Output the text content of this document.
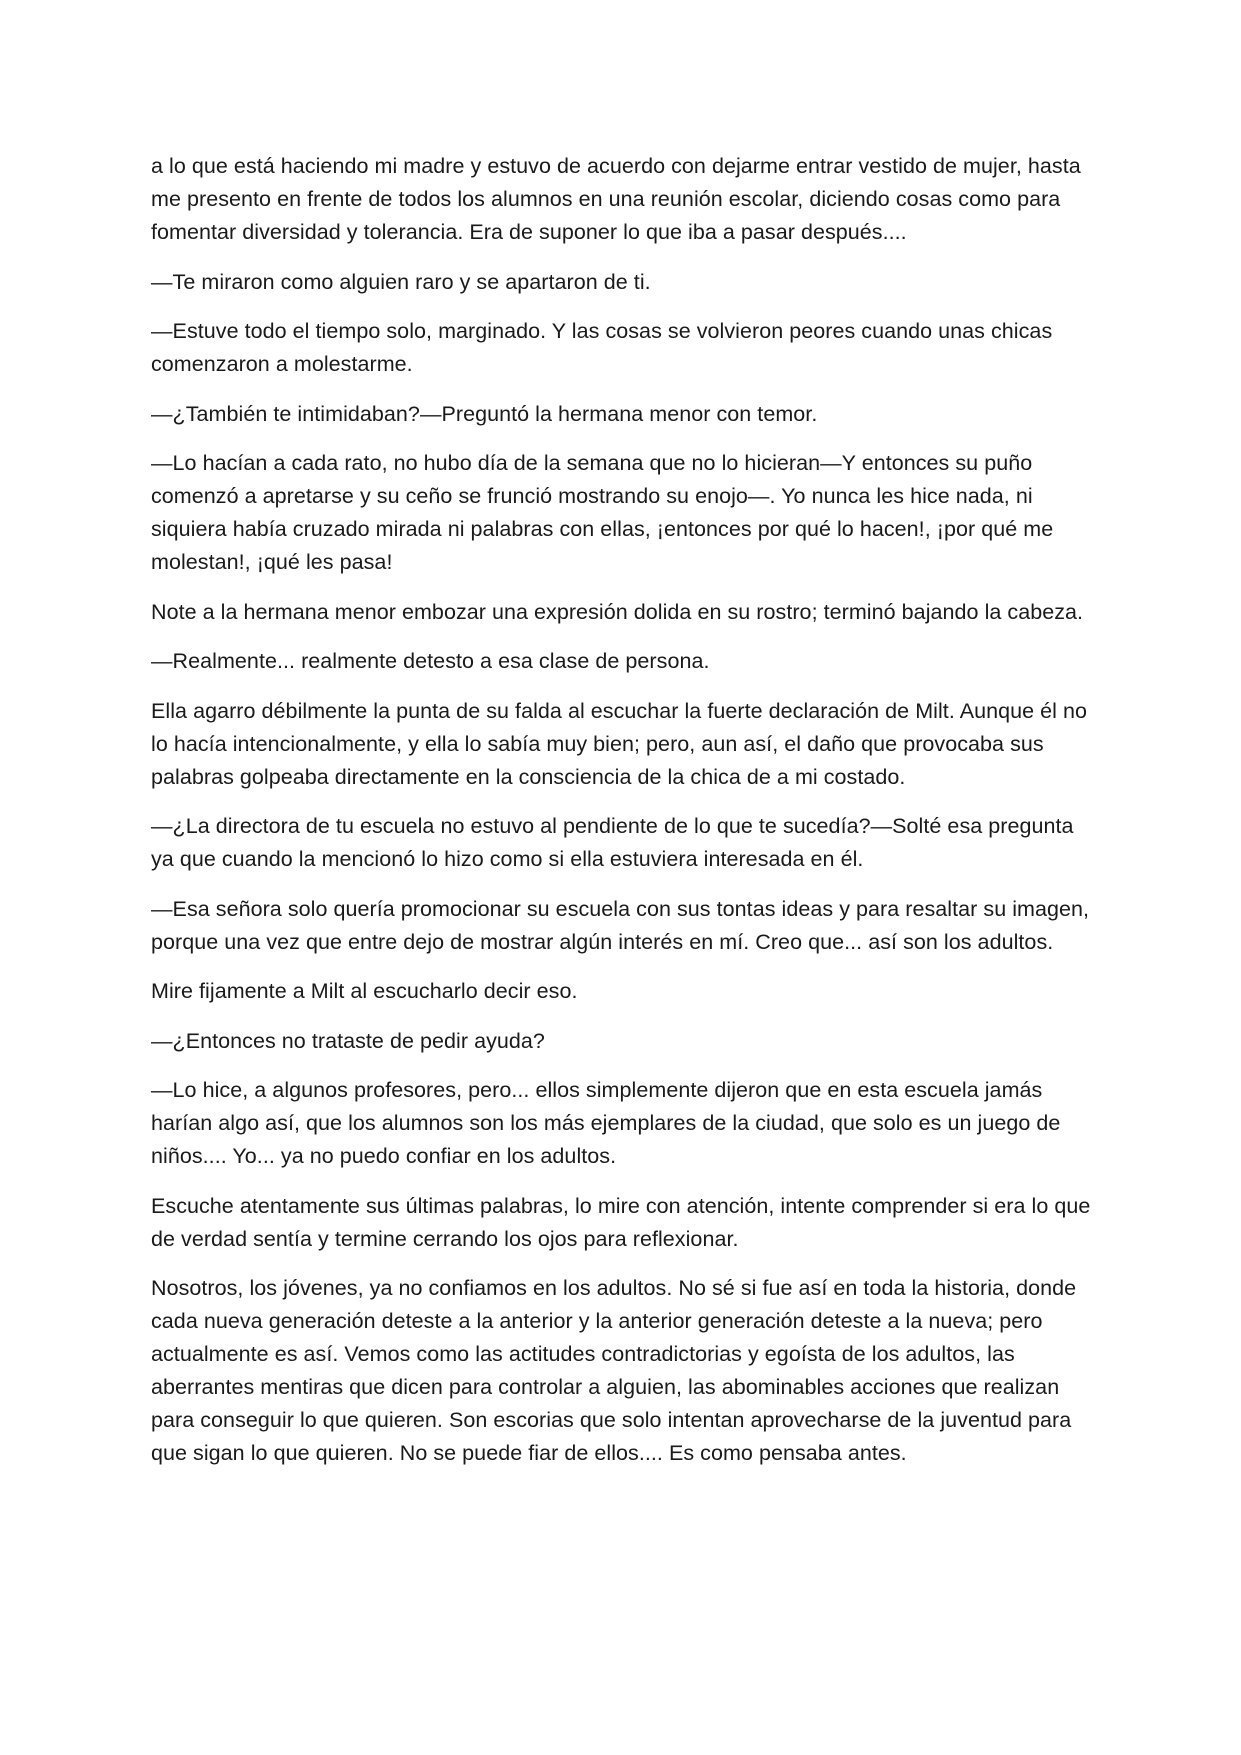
a lo que está haciendo mi madre y estuvo de acuerdo con dejarme entrar vestido de mujer, hasta me presento en frente de todos los alumnos en una reunión escolar, diciendo cosas como para fomentar diversidad y tolerancia. Era de suponer lo que iba a pasar después....

—Te miraron como alguien raro y se apartaron de ti.

—Estuve todo el tiempo solo, marginado. Y las cosas se volvieron peores cuando unas chicas comenzaron a molestarme.

—¿También te intimidaban?—Preguntó la hermana menor con temor.

—Lo hacían a cada rato, no hubo día de la semana que no lo hicieran—Y entonces su puño comenzó a apretarse y su ceño se frunció mostrando su enojo—. Yo nunca les hice nada, ni siquiera había cruzado mirada ni palabras con ellas, ¡entonces por qué lo hacen!, ¡por qué me molestan!, ¡qué les pasa!

Note a la hermana menor embozar una expresión dolida en su rostro; terminó bajando la cabeza.

—Realmente... realmente detesto a esa clase de persona.

Ella agarro débilmente la punta de su falda al escuchar la fuerte declaración de Milt. Aunque él no lo hacía intencionalmente, y ella lo sabía muy bien; pero, aun así, el daño que provocaba sus palabras golpeaba directamente en la consciencia de la chica de a mi costado.

—¿La directora de tu escuela no estuvo al pendiente de lo que te sucedía?—Solté esa pregunta ya que cuando la mencionó lo hizo como si ella estuviera interesada en él.

—Esa señora solo quería promocionar su escuela con sus tontas ideas y para resaltar su imagen, porque una vez que entre dejo de mostrar algún interés en mí. Creo que... así son los adultos.

Mire fijamente a Milt al escucharlo decir eso.

—¿Entonces no trataste de pedir ayuda?

—Lo hice, a algunos profesores, pero... ellos simplemente dijeron que en esta escuela jamás harían algo así, que los alumnos son los más ejemplares de la ciudad, que solo es un juego de niños.... Yo... ya no puedo confiar en los adultos.

Escuche atentamente sus últimas palabras, lo mire con atención, intente comprender si era lo que de verdad sentía y termine cerrando los ojos para reflexionar.

Nosotros, los jóvenes, ya no confiamos en los adultos. No sé si fue así en toda la historia, donde cada nueva generación deteste a la anterior y la anterior generación deteste a la nueva; pero actualmente es así. Vemos como las actitudes contradictorias y egoísta de los adultos, las aberrantes mentiras que dicen para controlar a alguien, las abominables acciones que realizan para conseguir lo que quieren. Son escorias que solo intentan aprovecharse de la juventud para que sigan lo que quieren. No se puede fiar de ellos.... Es como pensaba antes.
